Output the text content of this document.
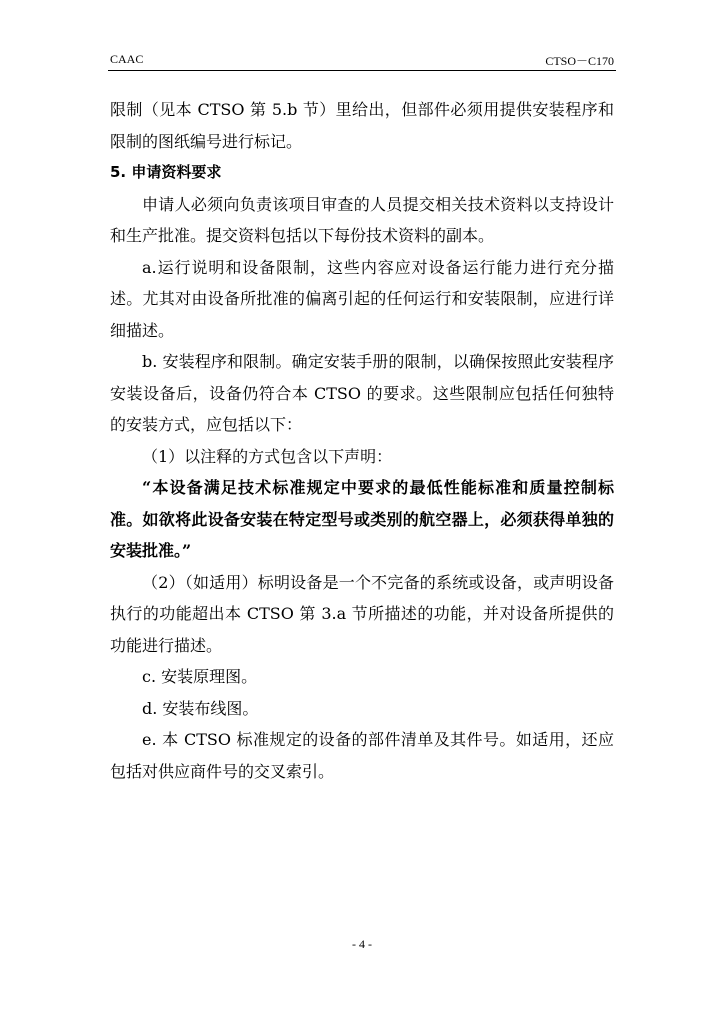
CAAC	CTSO－C170

限制（见本 CTSO 第 5.b 节）里给出，但部件必须用提供安装程序和限制的图纸编号进行标记。

5. 申请资料要求

申请人必须向负责该项目审查的人员提交相关技术资料以支持设计和生产批准。提交资料包括以下每份技术资料的副本。

a.运行说明和设备限制，这些内容应对设备运行能力进行充分描述。尤其对由设备所批准的偏离引起的任何运行和安装限制，应进行详细描述。

b. 安装程序和限制。确定安装手册的限制，以确保按照此安装程序安装设备后，设备仍符合本 CTSO 的要求。这些限制应包括任何独特的安装方式，应包括以下：

（1）以注释的方式包含以下声明：

“本设备满足技术标准规定中要求的最低性能标准和质量控制标准。如欲将此设备安装在特定型号或类别的航空器上，必须获得单独的安装批准。”

（2）（如适用）标明设备是一个不完备的系统或设备，或声明设备执行的功能超出本 CTSO 第 3.a 节所描述的功能，并对设备所提供的功能进行描述。

c. 安装原理图。

d. 安装布线图。

e. 本 CTSO 标准规定的设备的部件清单及其件号。如适用，还应包括对供应商件号的交叉索引。

- 4 -
